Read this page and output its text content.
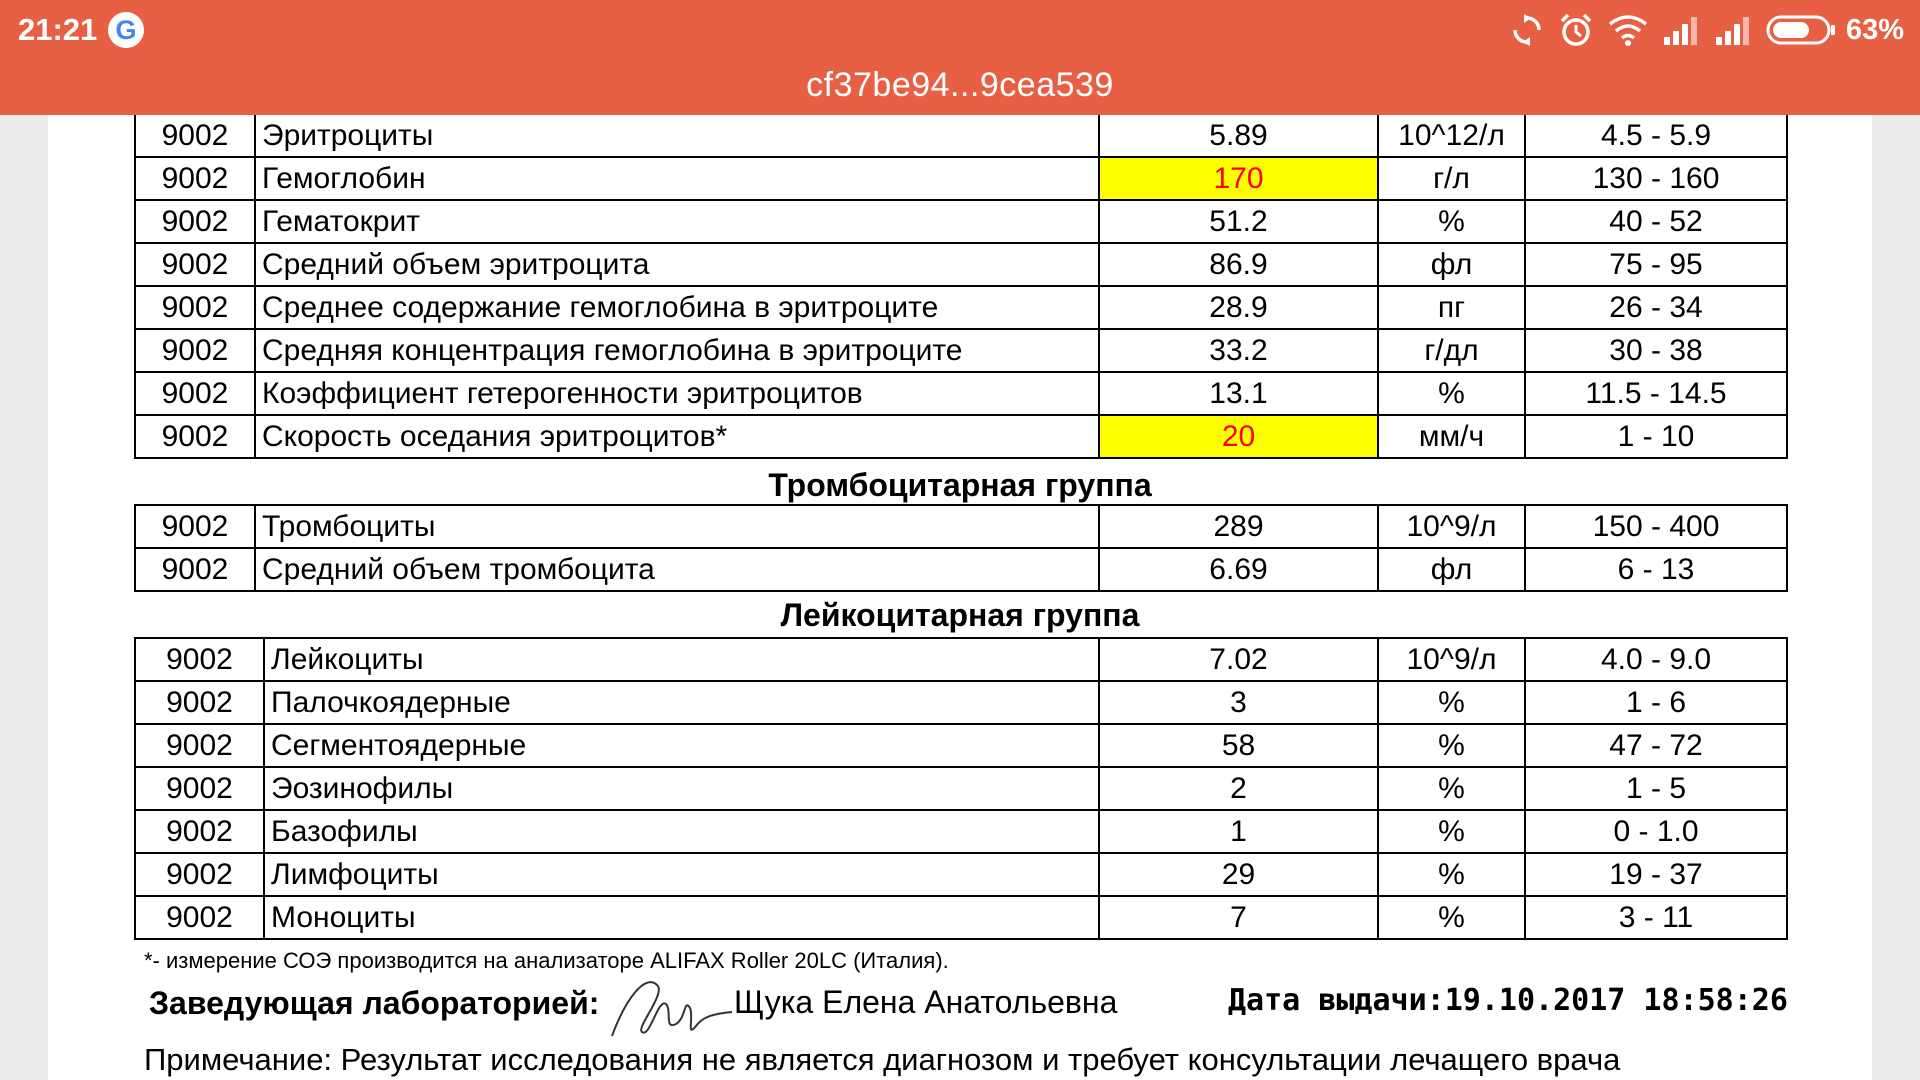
21:21 G	63%
cf37be94...9cea539
9002	Эритроциты	5.89	10^12/л	4.5 - 5.9
9002	Гемоглобин	170	г/л	130 - 160
9002	Гематокрит	51.2	%	40 - 52
9002	Средний объем эритроцита	86.9	фл	75 - 95
9002	Среднее содержание гемоглобина в эритроците	28.9	пг	26 - 34
9002	Средняя концентрация гемоглобина в эритроците	33.2	г/дл	30 - 38
9002	Коэффициент гетерогенности эритроцитов	13.1	%	11.5 - 14.5
9002	Скорость оседания эритроцитов*	20	мм/ч	1 - 10
Тромбоцитарная группа
9002	Тромбоциты	289	10^9/л	150 - 400
9002	Средний объем тромбоцита	6.69	фл	6 - 13
Лейкоцитарная группа
9002	Лейкоциты	7.02	10^9/л	4.0 - 9.0
9002	Палочкоядерные	3	%	1 - 6
9002	Сегментоядерные	58	%	47 - 72
9002	Эозинофилы	2	%	1 - 5
9002	Базофилы	1	%	0 - 1.0
9002	Лимфоциты	29	%	19 - 37
9002	Моноциты	7	%	3 - 11
*- измерение СОЭ производится на анализаторе ALIFAX Roller 20LC (Италия).
Заведующая лабораторией:	Щука Елена Анатольевна	Дата выдачи:19.10.2017 18:58:26
Примечание: Результат исследования не является диагнозом и требует консультации лечащего врача
